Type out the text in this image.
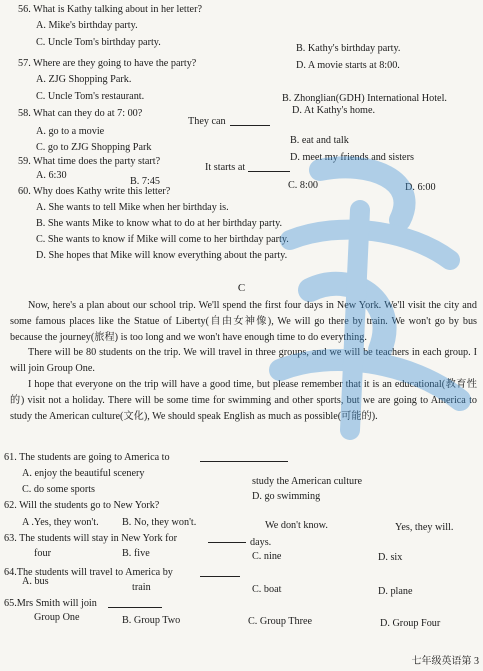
56. What is Kathy talking about in her letter?
A. Mike's birthday party.
C. Uncle Tom's birthday party.
B. Kathy's birthday party.
57. Where are they going to have the party?	D. A movie starts at 8:00.
A. ZJG Shopping Park.
C. Uncle Tom's restaurant.	B. Zhonglian(GDH) International Hotel.
58. What can they do at 7: 00?	D. At Kathy's home.
They can
A. go to a movie
B. eat and talk
C. go to ZJG Shopping Park
D. meet my friends and sisters
59. What time does the party start?
It starts at
A. 6:30
B. 7:45	C. 8:00	D. 6:00
60. Why does Kathy write this letter?
A. She wants to tell Mike when her birthday is.
B. She wants Mike to know what to do at her birthday party.
C. She wants to know if Mike will come to her birthday party.
D. She hopes that Mike will know everything about the party.
C

Now, here's a plan about our school trip. We'll spend the first four days in New York. We'll visit the city and some famous places like the Statue of Liberty(自由女神像), We will go there by train. We won't go by bus because the journey(旅程) is too long and we won't have enough time to do everything.

There will be 80 students on the trip. We will travel in three groups, and we will be teachers in each group. I will join Group One.

I hope that everyone on the trip will have a good time, but please remember that it is an educational(教育性的) visit not a holiday. There will be some time for swimming and other sports, but we are going to America to study the American culture(文化), We should speak English as much as possible(可能的).

61. The students are going to America to
A. enjoy the beautiful scenery
study the American culture
C. do some sports
D. go swimming
62. Will the students go to New York?
A .Yes, they won't. B. No, they won't.	We don't know.	Yes, they will.
63. The students will stay in New York for	days.
four	B. five	C. nine	D. six
64.The students will travel to America by
A. bus
train	C. boat	D. plane
65.Mrs Smith will join
Group One	B. Group Two	C. Group Three	D. Group Four
七年级英语第 3
